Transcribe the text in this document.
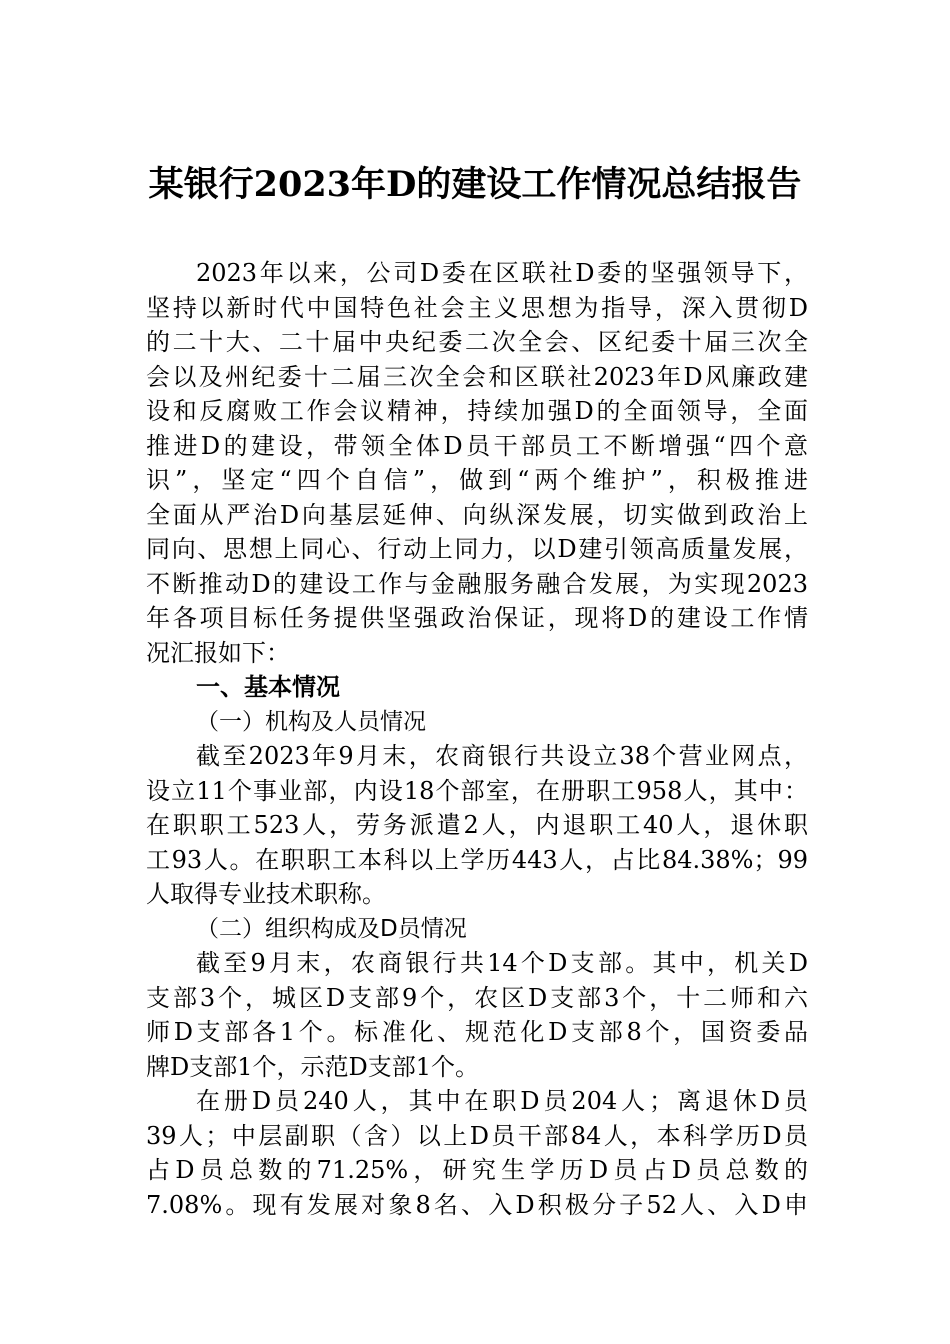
某银行2023年D的建设工作情况总结报告
2023年以来，公司D委在区联社D委的坚强领导下，
坚持以新时代中国特色社会主义思想为指导，深入贯彻D
的二十大、二十届中央纪委二次全会、区纪委十届三次全
会以及州纪委十二届三次全会和区联社2023年D风廉政建
设和反腐败工作会议精神，持续加强D的全面领导，全面
推进D的建设，带领全体D员干部员工不断增强“四个意
识”，坚定“四个自信”，做到“两个维护”，积极推进
全面从严治D向基层延伸、向纵深发展，切实做到政治上
同向、思想上同心、行动上同力，以D建引领高质量发展，
不断推动D的建设工作与金融服务融合发展，为实现2023
年各项目标任务提供坚强政治保证，现将D的建设工作情
况汇报如下：
一、基本情况
（一）机构及人员情况
截至2023年9月末，农商银行共设立38个营业网点，
设立11个事业部，内设18个部室，在册职工958人，其中：
在职职工523人，劳务派遣2人，内退职工40人，退休职
工93人。在职职工本科以上学历443人，占比84.38%；99
人取得专业技术职称。
（二）组织构成及D员情况
截至9月末，农商银行共14个D支部。其中，机关D
支部3个，城区D支部9个，农区D支部3个，十二师和六
师D支部各1个。标准化、规范化D支部8个，国资委品
牌D支部1个，示范D支部1个。
在册D员240人，其中在职D员204人；离退休D员
39人；中层副职（含）以上D员干部84人，本科学历D员
占D员总数的71.25%，研究生学历D员占D员总数的
7.08%。现有发展对象8名、入D积极分子52人、入D申
